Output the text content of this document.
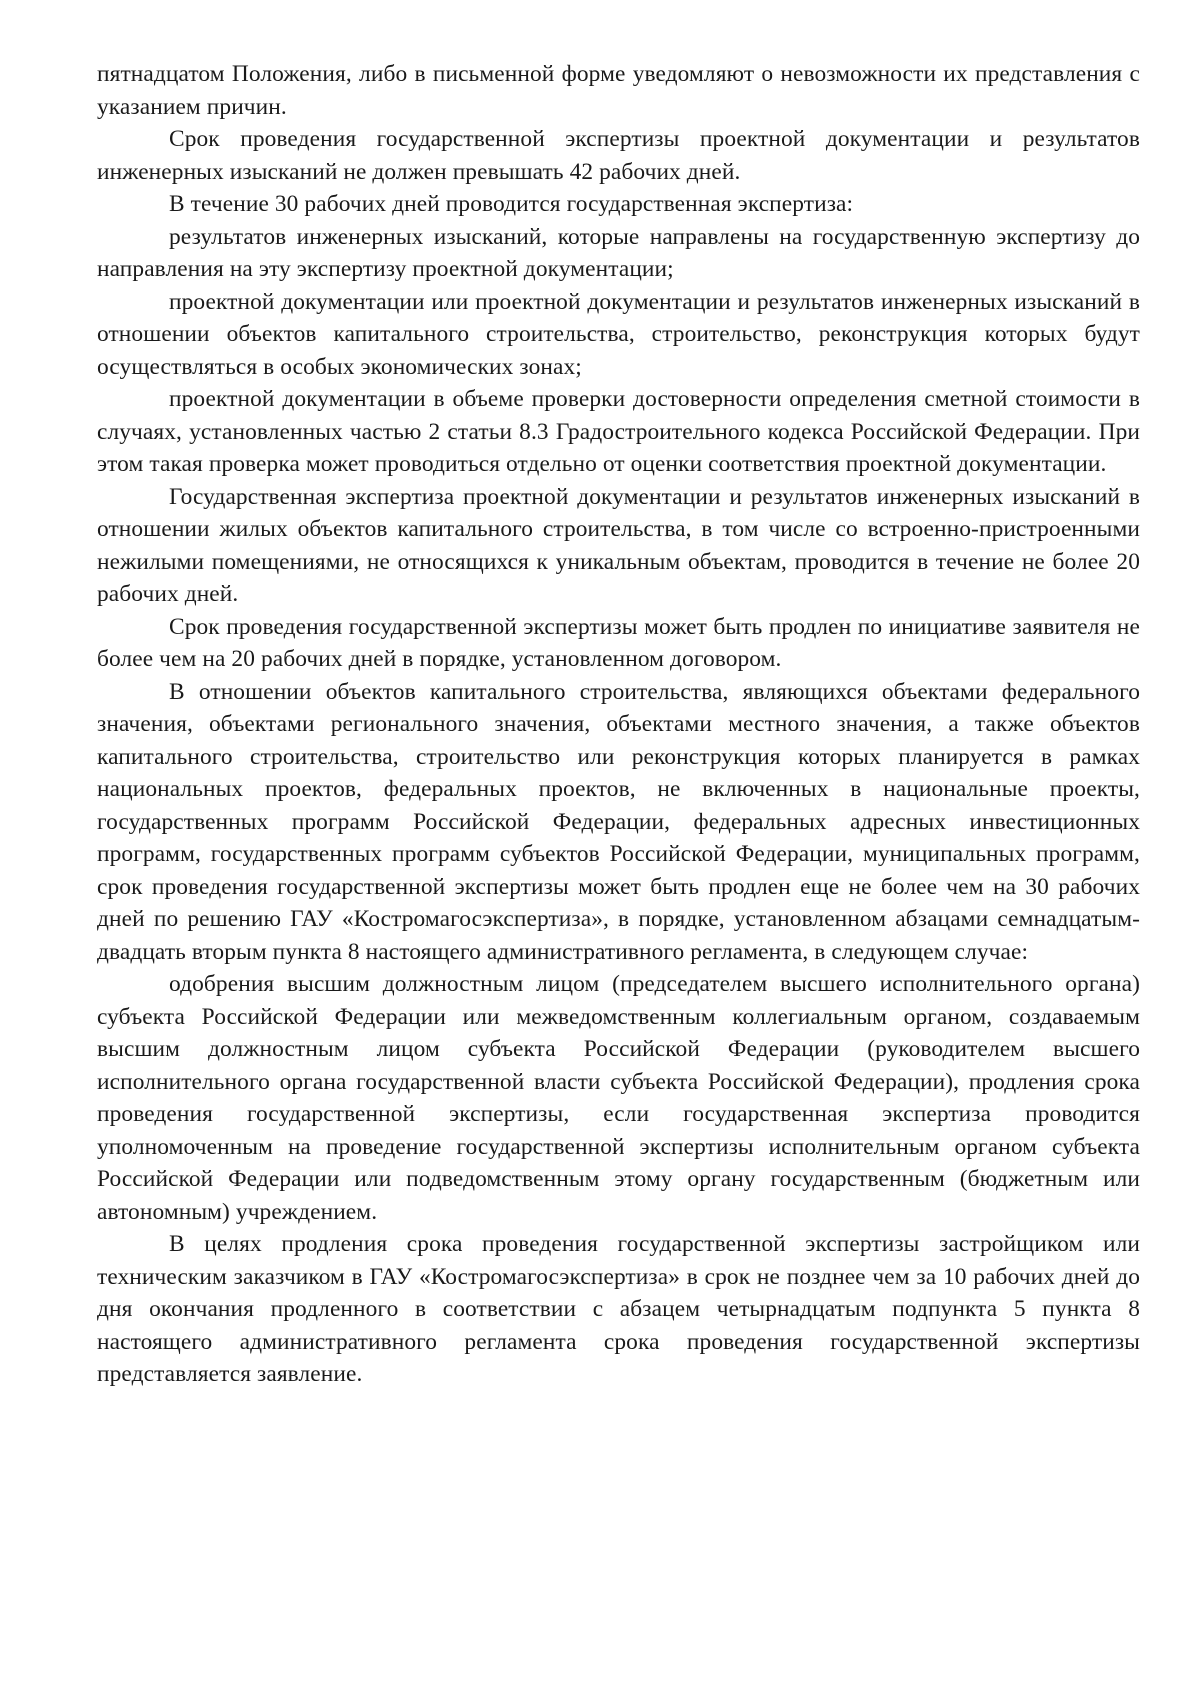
пятнадцатом Положения, либо в письменной форме уведомляют о невозможности их представления с указанием причин.

Срок проведения государственной экспертизы проектной документации и результатов инженерных изысканий не должен превышать 42 рабочих дней.

В течение 30 рабочих дней проводится государственная экспертиза:

результатов инженерных изысканий, которые направлены на государственную экспертизу до направления на эту экспертизу проектной документации;

проектной документации или проектной документации и результатов инженерных изысканий в отношении объектов капитального строительства, строительство, реконструкция которых будут осуществляться в особых экономических зонах;

проектной документации в объеме проверки достоверности определения сметной стоимости в случаях, установленных частью 2 статьи 8.3 Градостроительного кодекса Российской Федерации. При этом такая проверка может проводиться отдельно от оценки соответствия проектной документации.

Государственная экспертиза проектной документации и результатов инженерных изысканий в отношении жилых объектов капитального строительства, в том числе со встроенно-пристроенными нежилыми помещениями, не относящихся к уникальным объектам, проводится в течение не более 20 рабочих дней.

Срок проведения государственной экспертизы может быть продлен по инициативе заявителя не более чем на 20 рабочих дней в порядке, установленном договором.

В отношении объектов капитального строительства, являющихся объектами федерального значения, объектами регионального значения, объектами местного значения, а также объектов капитального строительства, строительство или реконструкция которых планируется в рамках национальных проектов, федеральных проектов, не включенных в национальные проекты, государственных программ Российской Федерации, федеральных адресных инвестиционных программ, государственных программ субъектов Российской Федерации, муниципальных программ, срок проведения государственной экспертизы может быть продлен еще не более чем на 30 рабочих дней по решению ГАУ «Костромагосэкспертиза», в порядке, установленном абзацами семнадцатым-двадцать вторым пункта 8 настоящего административного регламента, в следующем случае:

одобрения высшим должностным лицом (председателем высшего исполнительного органа) субъекта Российской Федерации или межведомственным коллегиальным органом, создаваемым высшим должностным лицом субъекта Российской Федерации (руководителем высшего исполнительного органа государственной власти субъекта Российской Федерации), продления срока проведения государственной экспертизы, если государственная экспертиза проводится уполномоченным на проведение государственной экспертизы исполнительным органом субъекта Российской Федерации или подведомственным этому органу государственным (бюджетным или автономным) учреждением.

В целях продления срока проведения государственной экспертизы застройщиком или техническим заказчиком в ГАУ «Костромагосэкспертиза» в срок не позднее чем за 10 рабочих дней до дня окончания продленного в соответствии с абзацем четырнадцатым подпункта 5 пункта 8 настоящего административного регламента срока проведения государственной экспертизы представляется заявление.
